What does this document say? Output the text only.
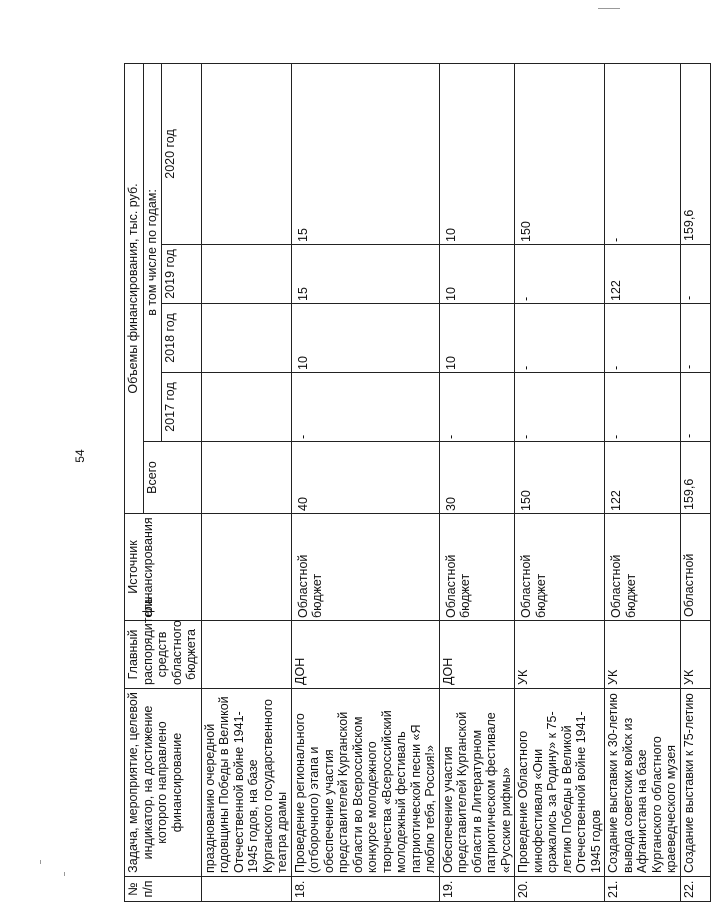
54
№ п/п	Задача, мероприятие, целевой индикатор, на достижение которого направлено финансирование	Главный распорядитель средств областного бюджета	Источник финансирования	Объемы финансирования, тыс. руб.				
				Всего	в том числе по годам:			
					2017 год	2018 год	2019 год	2020 год
	празднованию очередной годовщины Победы в Великой Отечественной войне 1941-1945 годов, на базе Курганского государственного театра драмы							
18.	Проведение регионального (отборочного) этапа и обеспечение участия представителей Курганской области во Всероссийском конкурсе молодежного творчества «Всероссийский молодежный фестиваль патриотической песни «Я люблю тебя, Россия!»	ДОН	Областной бюджет	40	-	10	15	15
19.	Обеспечение участия представителей Курганской области в Литературном патриотическом фестивале «Русские рифмы»	ДОН	Областной бюджет	30	-	10	10	10
20.	Проведение Областного кинофестиваля «Они сражались за Родину» к 75-летию Победы в Великой Отечественной войне 1941-1945 годов	УК	Областной бюджет	150	-	-	-	150
21.	Создание выставки к 30-летию вывода советских войск из Афганистана на базе Курганского областного краеведческого музея	УК	Областной бюджет	122	-	-	122	-
22.	Создание выставки к 75-летию	УК	Областной	159,6	-	-	-	159,6
